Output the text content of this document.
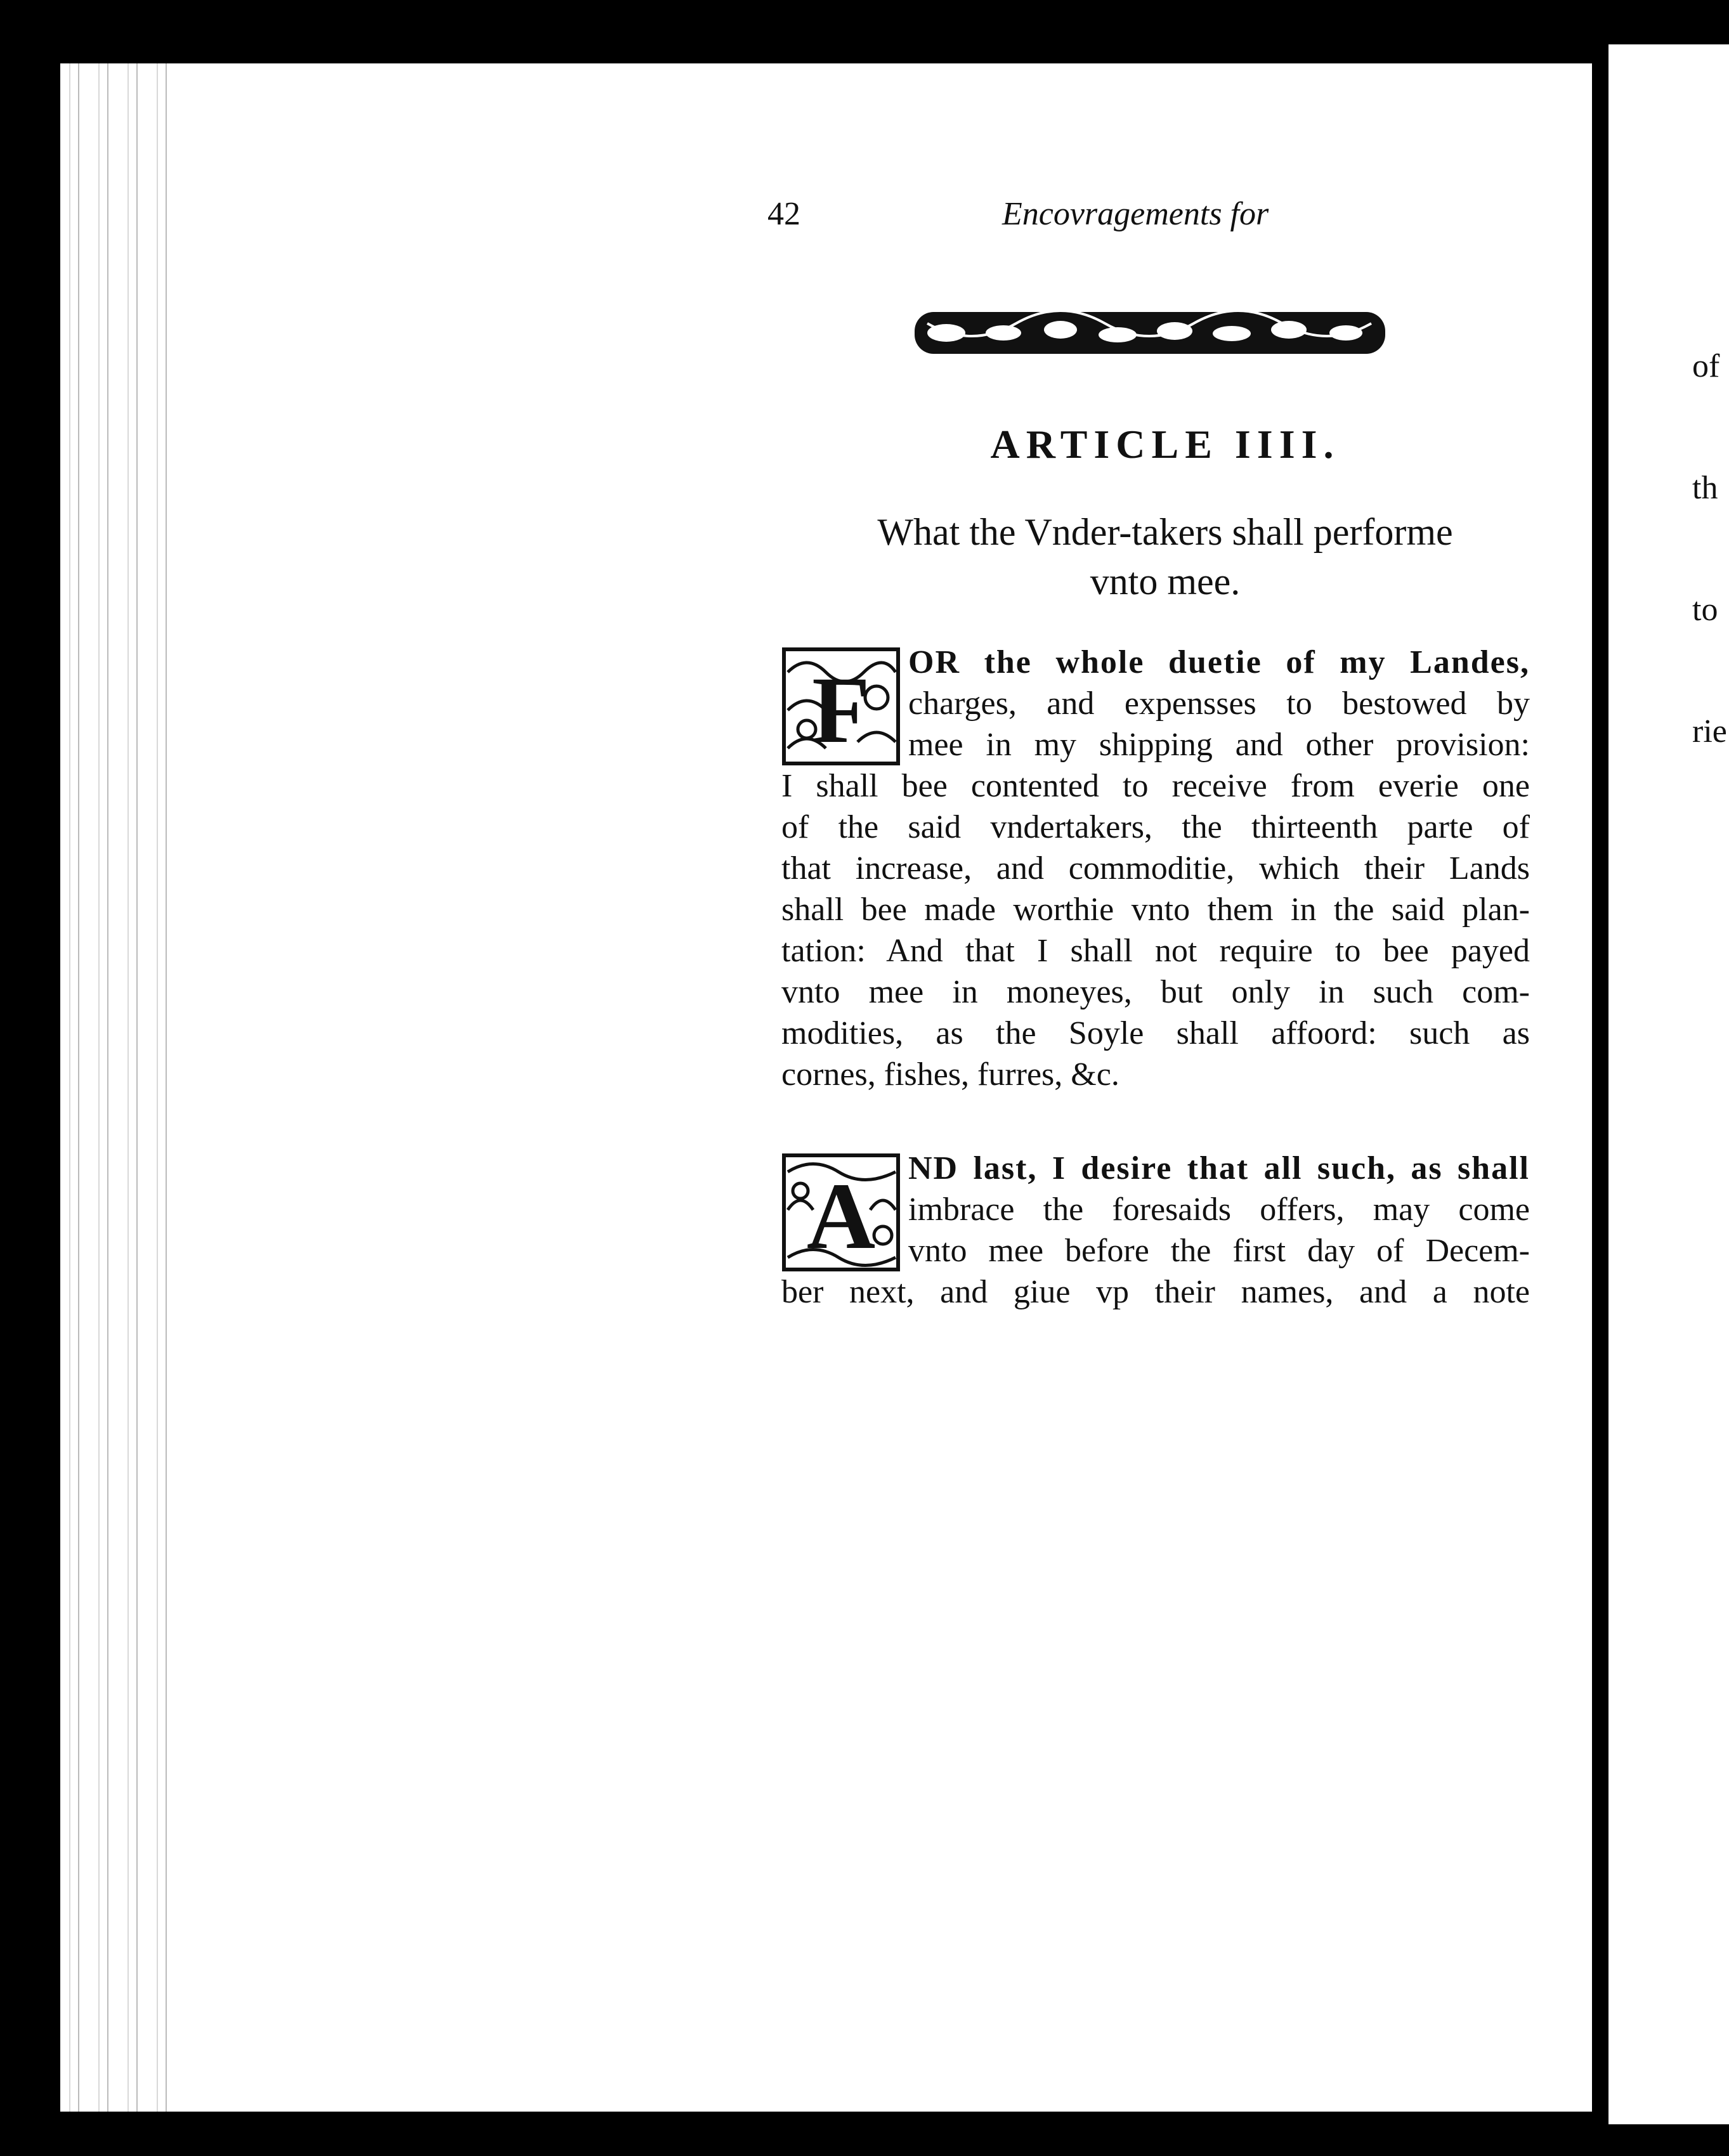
of

th

to

rie

42	Encovragements for
ARTICLE IIII.
What the Vnder-takers shall performe
vnto mee.
F	OR the whole duetie of my Landes,
charges, and expensses to bestowed by
mee in my shipping and other provision:
I shall bee contented to receive from everie one
of the said vndertakers, the thirteenth parte of
that increase, and commoditie, which their Lands
shall bee made worthie vnto them in the said plan-
tation: And that I shall not require to bee payed
vnto mee in moneyes, but only in such com-
modities, as the Soyle shall affoord: such as
cornes, fishes, furres, &c.
A ND last, I desire that all such, as shall
imbrace the foresaids offers, may come
vnto mee before the first day of Decem-
ber next, and giue vp their names, and a note
